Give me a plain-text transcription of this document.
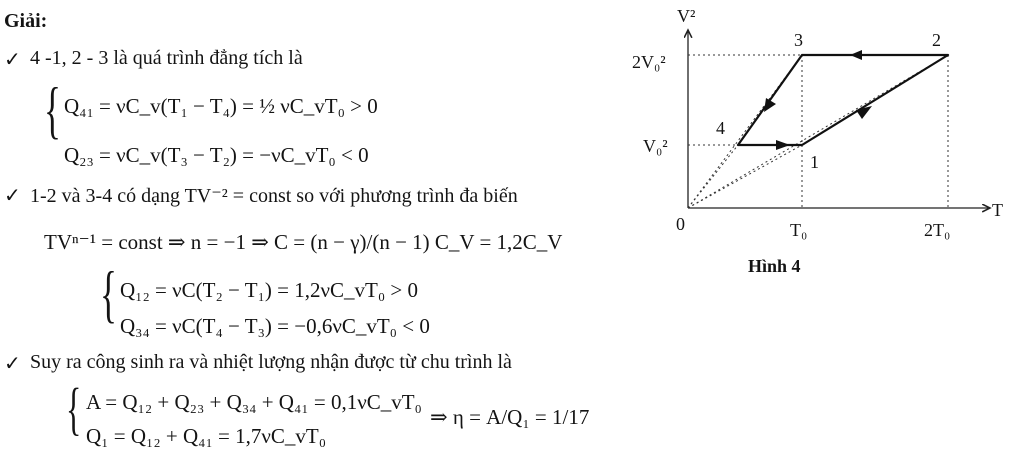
Giải:
✓ 4 -1, 2 - 3 là quá trình đẳng tích là
{ Q₄₁ = νC_v(T₁ − T₄) = ½ νC_vT₀ > 0
Q₂₃ = νC_v(T₃ − T₂) = −νC_vT₀ < 0
✓ 1-2 và 3-4 có dạng TV⁻² = const so với phương trình đa biến
TVⁿ⁻¹ = const ⇒ n = −1 ⇒ C = (n − γ)/(n − 1) C_V = 1,2C_V
{ Q₁₂ = νC(T₂ − T₁) = 1,2νC_vT₀ > 0
Q₃₄ = νC(T₄ − T₃) = −0,6νC_vT₀ < 0
✓ Suy ra công sinh ra và nhiệt lượng nhận được từ chu trình là
{ A = Q₁₂ + Q₂₃ + Q₃₄ + Q₄₁ = 0,1νC_vT₀
Q₁ = Q₁₂ + Q₄₁ = 1,7νC_vT₀
⇒ η = A/Q₁ = 1/17
V²
T
0
2V₀²
V₀²
T₀	2T₀
1
2
3
4
Hình 4
